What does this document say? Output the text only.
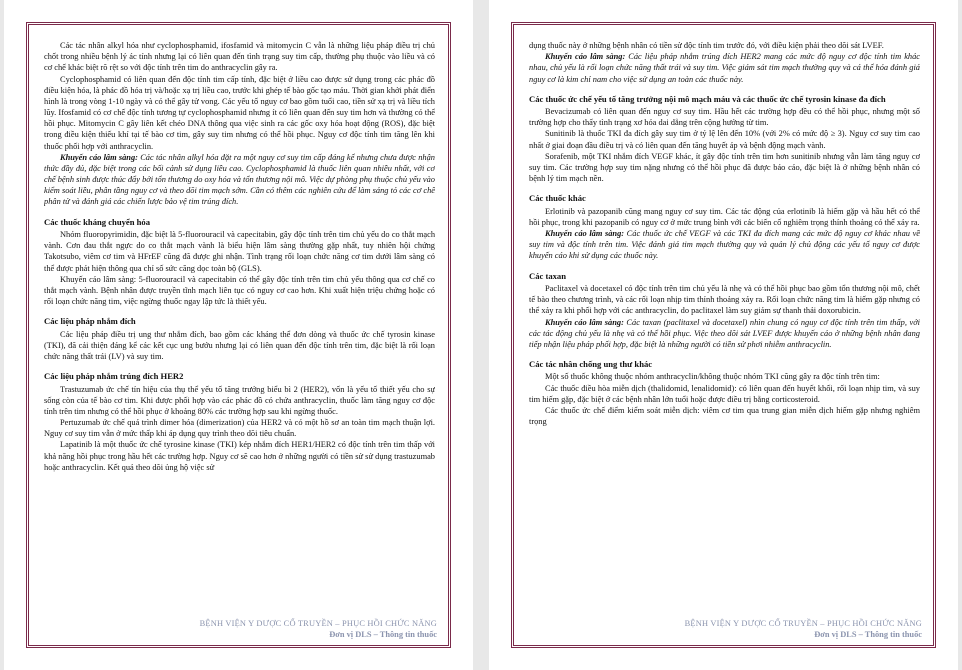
Các tác nhân alkyl hóa như cyclophosphamid, ifosfamid và mitomycin C vẫn là những liệu pháp điều trị chủ chốt trong nhiều bệnh lý ác tính nhưng lại có liên quan đến tình trạng suy tim cấp, thường phụ thuộc vào liều và có cơ chế khác biệt rõ rệt so với độc tính trên tim do anthracyclin gây ra.

Cyclophosphamid có liên quan đến độc tính tim cấp tính, đặc biệt ở liều cao được sử dụng trong các phác đồ điều kiện hóa, là phác đồ hóa trị và/hoặc xạ trị liều cao, trước khi ghép tế bào gốc tạo máu. Thời gian khởi phát điển hình là trong vòng 1-10 ngày và có thể gây tử vong. Các yếu tố nguy cơ bao gồm tuổi cao, tiền sử xạ trị và liều tích lũy. Ifosfamid có cơ chế độc tính tương tự cyclophosphamid nhưng ít có liên quan đến suy tim hơn và thường có thể hồi phục. Mitomycin C gây liên kết chéo DNA thông qua việc sinh ra các gốc oxy hóa hoạt động (ROS), đặc biệt trong điều kiện thiếu khí tại tế bào cơ tim, gây suy tim nhưng có thể hồi phục. Nguy cơ độc tính tim tăng lên khi thuốc phối hợp với anthracyclin.

Khuyến cáo lâm sàng: Các tác nhân alkyl hóa đặt ra một nguy cơ suy tim cấp đáng kể nhưng chưa được nhận thức đầy đủ, đặc biệt trong các bối cảnh sử dụng liều cao. Cyclophosphamid là thuốc liên quan nhiều nhất, với cơ chế bệnh sinh được thúc đẩy bởi tổn thương do oxy hóa và tổn thương nội mô. Việc dự phòng phụ thuộc chủ yếu vào kiểm soát liều, phân tầng nguy cơ và theo dõi tim mạch sớm. Cần có thêm các nghiên cứu để làm sáng tỏ các cơ chế phân tử và đánh giá các chiến lược bảo vệ tim trúng đích.

Các thuốc kháng chuyển hóa

Nhóm fluoropyrimidin, đặc biệt là 5-fluorouracil và capecitabin, gây độc tính trên tim chủ yếu do co thắt mạch vành. Cơn đau thắt ngực do co thắt mạch vành là biểu hiện lâm sàng thường gặp nhất, tuy nhiên hội chứng Takotsubo, viêm cơ tim và HFrEF cũng đã được ghi nhận. Tình trạng rối loạn chức năng cơ tim dưới lâm sàng có thể được phát hiện thông qua chỉ số sức căng dọc toàn bộ (GLS).

Khuyến cáo lâm sàng: 5-fluorouracil và capecitabin có thể gây độc tính trên tim chủ yếu thông qua cơ chế co thắt mạch vành. Bệnh nhân được truyền tĩnh mạch liên tục có nguy cơ cao hơn. Khi xuất hiện triệu chứng hoặc có rối loạn chức năng tim, việc ngừng thuốc ngay lập tức là thiết yếu.

Các liệu pháp nhắm đích

Các liệu pháp điều trị ung thư nhắm đích, bao gồm các kháng thể đơn dòng và thuốc ức chế tyrosin kinase (TKI), đã cải thiện đáng kể các kết cục ung bướu nhưng lại có liên quan đến độc tính trên tim, đặc biệt là rối loạn chức năng thất trái (LV) và suy tim.

Các liệu pháp nhắm trúng đích HER2

Trastuzumab ức chế tín hiệu của thụ thể yếu tố tăng trưởng biểu bì 2 (HER2), vốn là yếu tố thiết yếu cho sự sống còn của tế bào cơ tim. Khi được phối hợp vào các phác đồ có chứa anthracyclin, thuốc làm tăng nguy cơ độc tính trên tim nhưng có thể hồi phục ở khoảng 80% các trường hợp sau khi ngừng thuốc.

Pertuzumab ức chế quá trình dimer hóa (dimerization) của HER2 và có một hồ sơ an toàn tim mạch thuận lợi. Nguy cơ suy tim vẫn ở mức thấp khi áp dụng quy trình theo dõi tiêu chuẩn.

Lapatinib là một thuốc ức chế tyrosine kinase (TKI) kép nhắm đích HER1/HER2 có độc tính trên tim thấp với khả năng hồi phục trong hầu hết các trường hợp. Nguy cơ sẽ cao hơn ở những người có tiền sử sử dụng trastuzumab hoặc anthracyclin. Kết quả theo dõi ủng hộ việc sử

BỆNH VIỆN Y DƯỢC CỔ TRUYỀN – PHỤC HỒI CHỨC NĂNG
Đơn vị DLS – Thông tin thuốc

dụng thuốc này ở những bệnh nhân có tiền sử độc tính tim trước đó, với điều kiện phải theo dõi sát LVEF.

Khuyến cáo lâm sàng: Các liệu pháp nhắm trúng đích HER2 mang các mức độ nguy cơ độc tính tim khác nhau, chủ yếu là rối loạn chức năng thất trái và suy tim. Việc giám sát tim mạch thường quy và cá thể hóa đánh giá nguy cơ là kim chỉ nam cho việc sử dụng an toàn các thuốc này.

Các thuốc ức chế yếu tố tăng trưởng nội mô mạch máu và các thuốc ức chế tyrosin kinase đa đích

Bevacizumab có liên quan đến nguy cơ suy tim. Hầu hết các trường hợp đều có thể hồi phục, nhưng một số trường hợp cho thấy tình trạng xơ hóa dai dẳng trên cộng hưởng từ tim.

Sunitinib là thuốc TKI đa đích gây suy tim ở tỷ lệ lên đến 10% (với 2% có mức độ ≥ 3). Nguy cơ suy tim cao nhất ở giai đoạn đầu điều trị và có liên quan đến tăng huyết áp và bệnh động mạch vành.

Sorafenib, một TKI nhắm đích VEGF khác, ít gây độc tính trên tim hơn sunitinib nhưng vẫn làm tăng nguy cơ suy tim. Các trường hợp suy tim nặng nhưng có thể hồi phục đã được báo cáo, đặc biệt là ở những bệnh nhân có bệnh lý tim mạch nền.

Các thuốc khác

Erlotinib và pazopanib cũng mang nguy cơ suy tim. Các tác động của erlotinib là hiếm gặp và hầu hết có thể hồi phục, trong khi pazopanib có nguy cơ ở mức trung bình với các biến cố nghiêm trọng thỉnh thoảng có thể xảy ra.

Khuyến cáo lâm sàng: Các thuốc ức chế VEGF và các TKI đa đích mang các mức độ nguy cơ khác nhau về suy tim và độc tính trên tim. Việc đánh giá tim mạch thường quy và quản lý chủ động các yếu tố nguy cơ được khuyến cáo khi sử dụng các thuốc này.

Các taxan

Paclitaxel và docetaxel có độc tính trên tim chủ yếu là nhẹ và có thể hồi phục bao gồm tổn thương nội mô, chết tế bào theo chương trình, và các rối loạn nhịp tim thỉnh thoảng xảy ra. Rối loạn chức năng tim là hiếm gặp nhưng có thể xảy ra khi phối hợp với các anthracyclin, do paclitaxel làm suy giảm sự thanh thải doxorubicin.

Khuyến cáo lâm sàng: Các taxan (paclitaxel và docetaxel) nhìn chung có nguy cơ độc tính trên tim thấp, với các tác động chủ yếu là nhẹ và có thể hồi phục. Việc theo dõi sát LVEF được khuyến cáo ở những bệnh nhân đang tiếp nhận liệu pháp phối hợp, đặc biệt là những người có tiền sử phơi nhiễm anthracyclin.

Các tác nhân chống ung thư khác

Một số thuốc không thuộc nhóm anthracyclin/không thuộc nhóm TKI cũng gây ra độc tính trên tim:

Các thuốc điều hòa miễn dịch (thalidomid, lenalidomid): có liên quan đến huyết khối, rối loạn nhịp tim, và suy tim hiếm gặp, đặc biệt ở các bệnh nhân lớn tuổi hoặc được điều trị bằng corticosteroid.

Các thuốc ức chế điểm kiểm soát miễn dịch: viêm cơ tim qua trung gian miễn dịch hiếm gặp nhưng nghiêm trọng

BỆNH VIỆN Y DƯỢC CỔ TRUYỀN – PHỤC HỒI CHỨC NĂNG
Đơn vị DLS – Thông tin thuốc
